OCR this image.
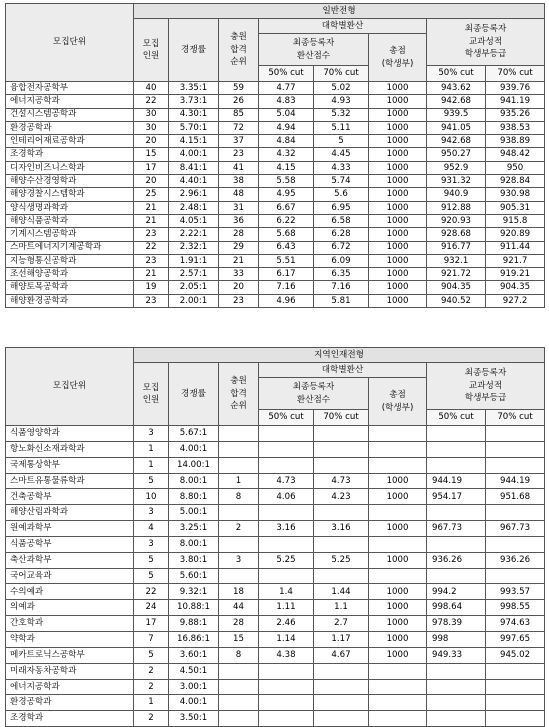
모집단위	일반전형							

	모집
인원	경쟁률	충원
합격
순위	대학별환산			최종등록자
교과성적
학생부등급	

				최종등록자
환산점수		총점
(학생부)		

				50% cut	70% cut		50% cut	70% cut
융합전자공학부	40	3.35:1	59	4.77	5.02	1000	943.62	939.76
에너지공학과	22	3.73:1	26	4.83	4.93	1000	942.68	941.19
건설시스템공학과	30	4.30:1	85	5.04	5.32	1000	939.5	935.26
환경공학과	30	5.70:1	72	4.94	5.11	1000	941.05	938.53
인테리어재료공학과	20	4.15:1	37	4.84	5	1000	942.68	938.89
조경학과	15	4.00:1	23	4.32	4.45	1000	950.27	948.42
디자인비즈니스학과	17	8.41:1	41	4.15	4.33	1000	952.9	950
해양수산경영학과	20	4.40:1	38	5.58	5.74	1000	931.32	928.84
해양경찰시스템학과	25	2.96:1	48	4.95	5.6	1000	940.9	930.98
양식생명과학과	21	2.48:1	31	6.67	6.95	1000	912.88	905.31
해양식품공학과	21	4.05:1	36	6.22	6.58	1000	920.93	915.8
기계시스템공학과	23	2.22:1	28	5.68	6.28	1000	928.68	920.89
스마트에너지기계공학과	22	2.32:1	29	6.43	6.72	1000	916.77	911.44
지능형통신공학과	23	1.91:1	21	5.51	6.09	1000	932.1	921.7
조선해양공학과	21	2.57:1	33	6.17	6.35	1000	921.72	919.21
해양토목공학과	19	2.05:1	20	7.16	7.16	1000	904.35	904.35
해양환경공학과	23	2.00:1	23	4.96	5.81	1000	940.52	927.2
모집단위	지역인재전형							

	모집
인원	경쟁률	충원
합격
순위	대학별환산			최종등록자
교과성적
학생부등급	

				최종등록자
환산점수		총점
(학생부)		

				50% cut	70% cut		50% cut	70% cut
식품영양학과	3	5.67:1						
항노화신소재과학과	1	4.00:1						
국제통상학부	1	14.00:1						
스마트유통물류학과	5	8.00:1	1	4.73	4.73	1000	944.19	944.19
건축공학부	10	8.80:1	8	4.06	4.23	1000	954.17	951.68
해양산림과학과	3	5.00:1						
원예과학부	4	3.25:1	2	3.16	3.16	1000	967.73	967.73
식품공학부	3	8.00:1						
축산과학부	5	3.80:1	3	5.25	5.25	1000	936.26	936.26
국어교육과	5	5.60:1						
수의예과	22	9.32:1	18	1.4	1.44	1000	994.2	993.57
의예과	24	10.88:1	44	1.11	1.1	1000	998.64	998.55
간호학과	17	9.88:1	28	2.46	2.7	1000	978.39	974.63
약학과	7	16.86:1	15	1.14	1.17	1000	998	997.65
메카트로닉스공학부	5	3.60:1	8	4.38	4.67	1000	949.33	945.02
미래자동차공학과	2	4.50:1						
에너지공학과	2	3.00:1						
환경공학과	1	4.00:1						
조경학과	2	3.50:1						
